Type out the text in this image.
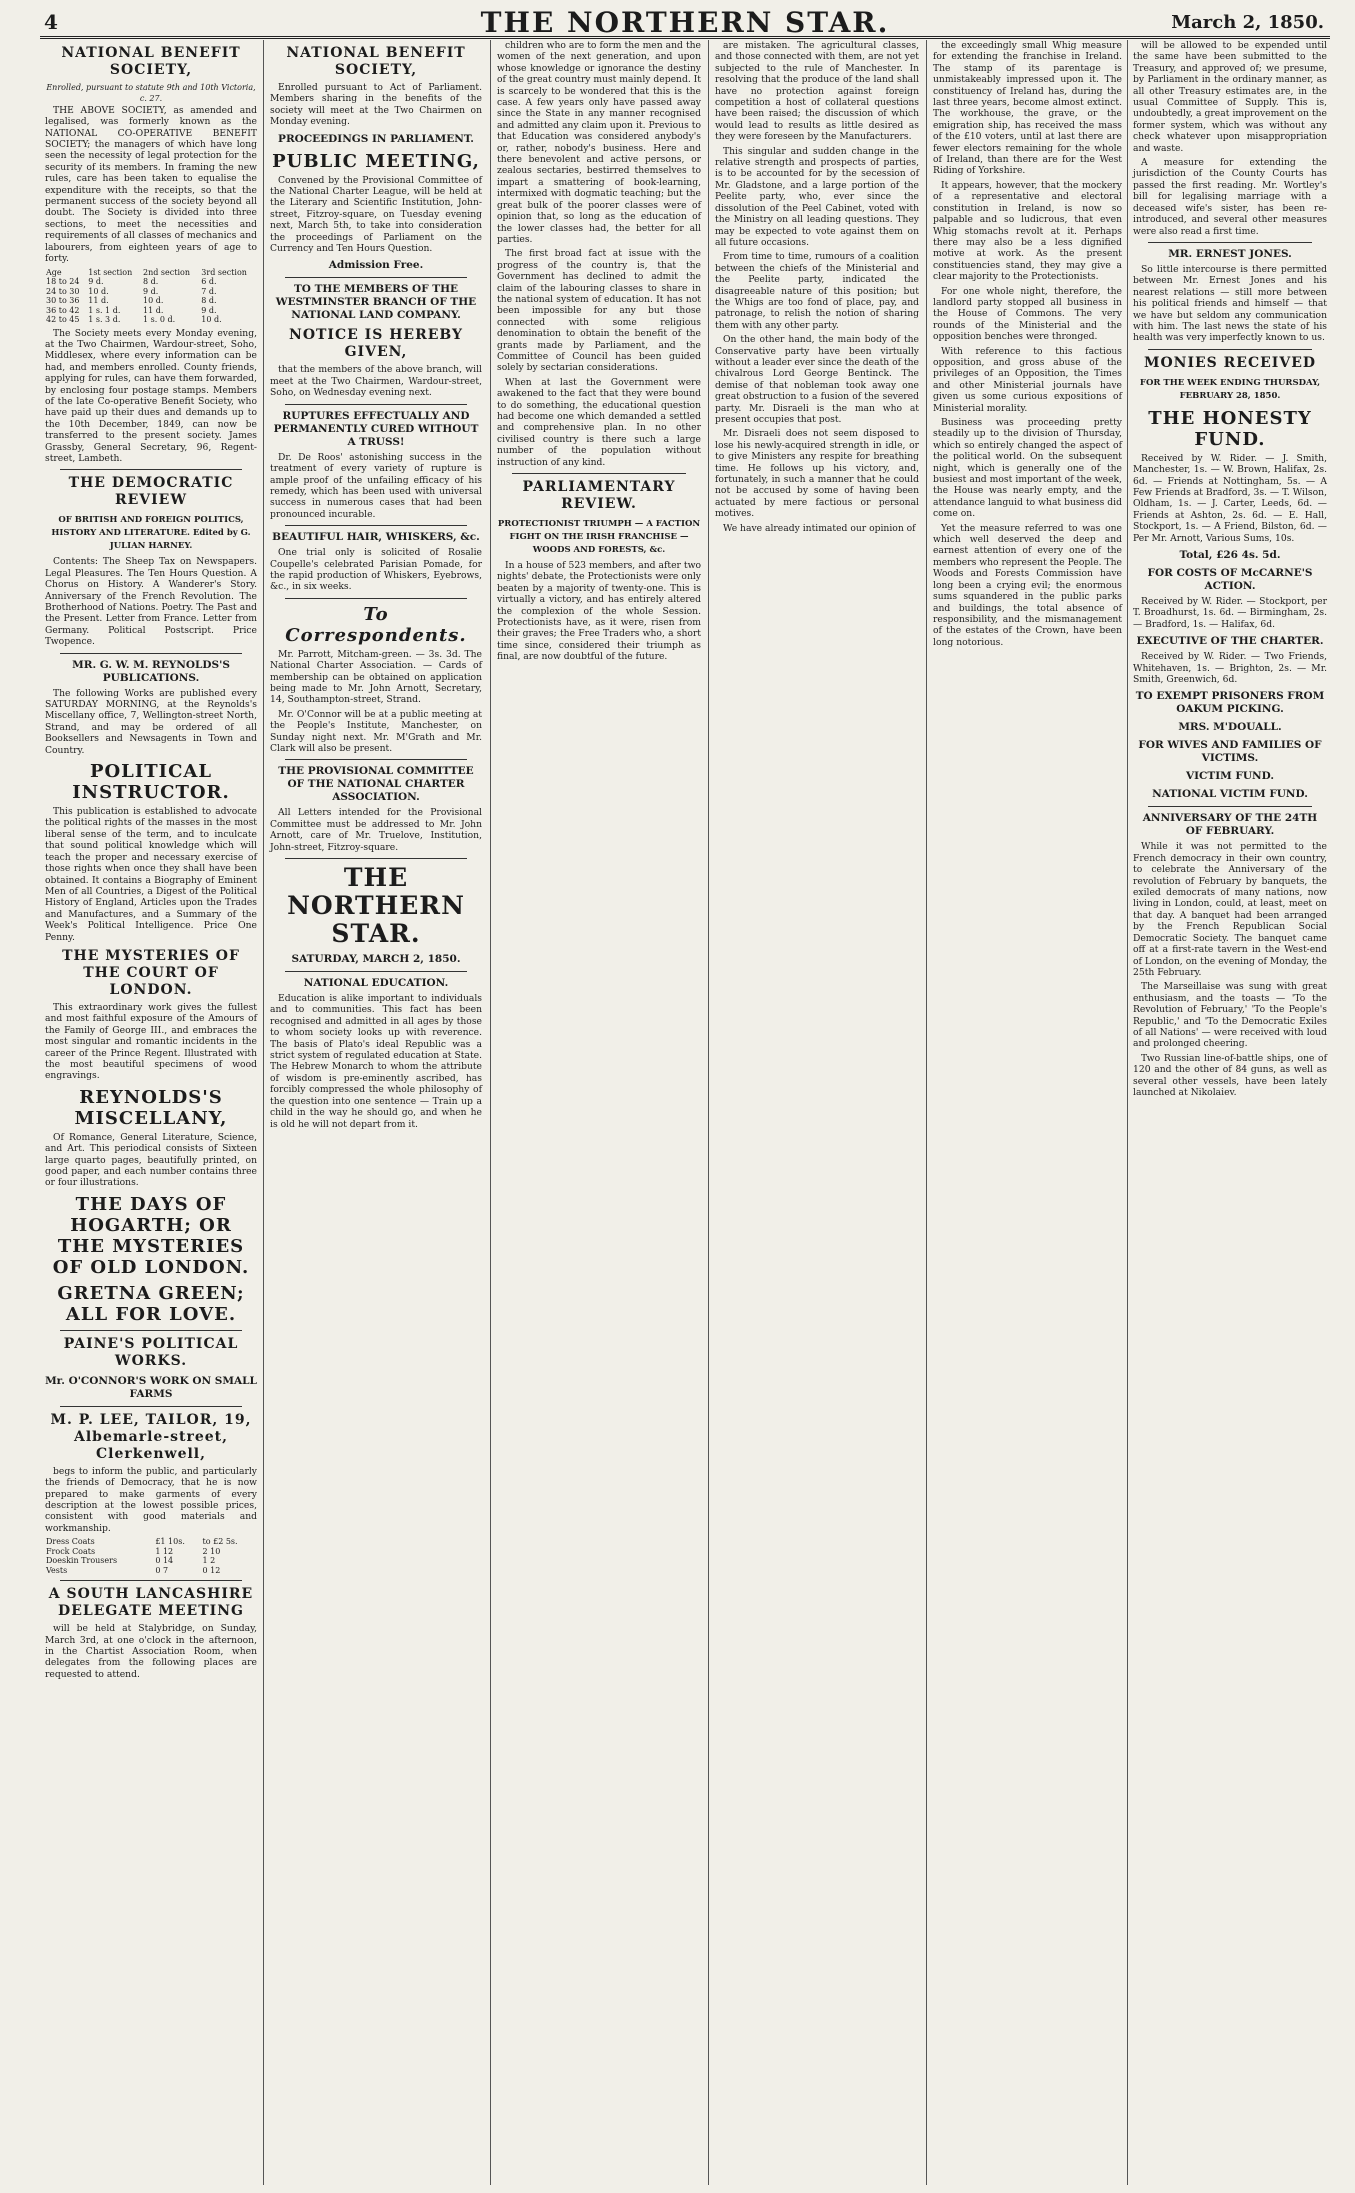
4	THE NORTHERN STAR.	March 2, 1850.
NATIONAL BENEFIT SOCIETY,
Enrolled, pursuant to statute 9th and 10th Victoria, c. 27.

THE ABOVE SOCIETY, as amended and legalised, was formerly known as the NATIONAL CO-OPERATIVE BENEFIT SOCIETY; the managers of which have long seen the necessity of legal protection for the security of its members. In framing the new rules, care has been taken to equalise the expenditure with the receipts, so that the permanent success of the society beyond all doubt. The Society is divided into three sections, to meet the necessities and requirements of all classes of mechanics and labourers, from eighteen years of age to forty.

Age	1st section	2nd section	3rd section
18 to 24	9 d.	8 d.	6 d.
24 to 30	10 d.	9 d.	7 d.
30 to 36	11 d.	10 d.	8 d.
36 to 42	1 s. 1 d.	11 d.	9 d.
42 to 45	1 s. 3 d.	1 s. 0 d.	10 d.

The Society meets every Monday evening, at the Two Chairmen, Wardour-street, Soho, Middlesex, where every information can be had, and members enrolled. County friends, applying for rules, can have them forwarded, by enclosing four postage stamps. Members of the late Co-operative Benefit Society, who have paid up their dues and demands up to the 10th December, 1849, can now be transferred to the present society. James Grassby, General Secretary, 96, Regent-street, Lambeth.

THE DEMOCRATIC REVIEW
OF BRITISH AND FOREIGN POLITICS, HISTORY AND LITERATURE. Edited by G. JULIAN HARNEY.

Contents: The Sheep Tax on Newspapers. Legal Pleasures. The Ten Hours Question. A Chorus on History. A Wanderer's Story. Anniversary of the French Revolution. The Brotherhood of Nations. Poetry. The Past and the Present. Letter from France. Letter from Germany. Political Postscript. Price Twopence.

MR. G. W. M. REYNOLDS'S PUBLICATIONS.

The following Works are published every SATURDAY MORNING, at the Reynolds's Miscellany office, 7, Wellington-street North, Strand, and may be ordered of all Booksellers and Newsagents in Town and Country.

POLITICAL INSTRUCTOR.

This publication is established to advocate the political rights of the masses in the most liberal sense of the term, and to inculcate that sound political knowledge which will teach the proper and necessary exercise of those rights when once they shall have been obtained. It contains a Biography of Eminent Men of all Countries, a Digest of the Political History of England, Articles upon the Trades and Manufactures, and a Summary of the Week's Political Intelligence. Price One Penny.

THE MYSTERIES OF THE COURT OF LONDON.

This extraordinary work gives the fullest and most faithful exposure of the Amours of the Family of George III., and embraces the most singular and romantic incidents in the career of the Prince Regent. Illustrated with the most beautiful specimens of wood engravings.

REYNOLDS'S MISCELLANY,

Of Romance, General Literature, Science, and Art. This periodical consists of Sixteen large quarto pages, beautifully printed, on good paper, and each number contains three or four illustrations.

THE DAYS OF HOGARTH; OR THE MYSTERIES OF OLD LONDON.
GRETNA GREEN; ALL FOR LOVE.
PAINE'S POLITICAL WORKS.
Mr. O'CONNOR'S WORK ON SMALL FARMS
M. P. LEE, TAILOR, 19, Albemarle-street, Clerkenwell,

begs to inform the public, and particularly the friends of Democracy, that he is now prepared to make garments of every description at the lowest possible prices, consistent with good materials and workmanship.

Dress Coats	£1 10s.	to £2 5s.
Frock Coats	1 12	2 10
Doeskin Trousers	0 14	1 2
Vests	0 7	0 12
A SOUTH LANCASHIRE DELEGATE MEETING

will be held at Stalybridge, on Sunday, March 3rd, at one o'clock in the afternoon, in the Chartist Association Room, when delegates from the following places are requested to attend.

NATIONAL BENEFIT SOCIETY,

Enrolled pursuant to Act of Parliament. Members sharing in the benefits of the society will meet at the Two Chairmen on Monday evening.

PROCEEDINGS IN PARLIAMENT.
PUBLIC MEETING,

Convened by the Provisional Committee of the National Charter League, will be held at the Literary and Scientific Institution, John-street, Fitzroy-square, on Tuesday evening next, March 5th, to take into consideration the proceedings of Parliament on the Currency and Ten Hours Question.

Admission Free.
TO THE MEMBERS OF THE WESTMINSTER BRANCH OF THE NATIONAL LAND COMPANY.
NOTICE IS HEREBY GIVEN,

that the members of the above branch, will meet at the Two Chairmen, Wardour-street, Soho, on Wednesday evening next.

RUPTURES EFFECTUALLY AND PERMANENTLY CURED WITHOUT A TRUSS!

Dr. De Roos' astonishing success in the treatment of every variety of rupture is ample proof of the unfailing efficacy of his remedy, which has been used with universal success in numerous cases that had been pronounced incurable.

BEAUTIFUL HAIR, WHISKERS, &c.

One trial only is solicited of Rosalie Coupelle's celebrated Parisian Pomade, for the rapid production of Whiskers, Eyebrows, &c., in six weeks.

To Correspondents.

Mr. Parrott, Mitcham-green. — 3s. 3d. The National Charter Association. — Cards of membership can be obtained on application being made to Mr. John Arnott, Secretary, 14, Southampton-street, Strand.

Mr. O'Connor will be at a public meeting at the People's Institute, Manchester, on Sunday night next. Mr. M'Grath and Mr. Clark will also be present.

THE PROVISIONAL COMMITTEE OF THE NATIONAL CHARTER ASSOCIATION.

All Letters intended for the Provisional Committee must be addressed to Mr. John Arnott, care of Mr. Truelove, Institution, John-street, Fitzroy-square.

THE NORTHERN STAR.
SATURDAY, MARCH 2, 1850.
NATIONAL EDUCATION.

Education is alike important to individuals and to communities. This fact has been recognised and admitted in all ages by those to whom society looks up with reverence. The basis of Plato's ideal Republic was a strict system of regulated education at State. The Hebrew Monarch to whom the attribute of wisdom is pre-eminently ascribed, has forcibly compressed the whole philosophy of the question into one sentence — Train up a child in the way he should go, and when he is old he will not depart from it.

children who are to form the men and the women of the next generation, and upon whose knowledge or ignorance the destiny of the great country must mainly depend. It is scarcely to be wondered that this is the case. A few years only have passed away since the State in any manner recognised and admitted any claim upon it. Previous to that Education was considered anybody's or, rather, nobody's business. Here and there benevolent and active persons, or zealous sectaries, bestirred themselves to impart a smattering of book-learning, intermixed with dogmatic teaching; but the great bulk of the poorer classes were of opinion that, so long as the education of the lower classes had, the better for all parties.

The first broad fact at issue with the progress of the country is, that the Government has declined to admit the claim of the labouring classes to share in the national system of education. It has not been impossible for any but those connected with some religious denomination to obtain the benefit of the grants made by Parliament, and the Committee of Council has been guided solely by sectarian considerations.

When at last the Government were awakened to the fact that they were bound to do something, the educational question had become one which demanded a settled and comprehensive plan. In no other civilised country is there such a large number of the population without instruction of any kind.

PARLIAMENTARY REVIEW.
PROTECTIONIST TRIUMPH — A FACTION FIGHT ON THE IRISH FRANCHISE — WOODS AND FORESTS, &c.

In a house of 523 members, and after two nights' debate, the Protectionists were only beaten by a majority of twenty-one. This is virtually a victory, and has entirely altered the complexion of the whole Session. Protectionists have, as it were, risen from their graves; the Free Traders who, a short time since, considered their triumph as final, are now doubtful of the future.

are mistaken. The agricultural classes, and those connected with them, are not yet subjected to the rule of Manchester. In resolving that the produce of the land shall have no protection against foreign competition a host of collateral questions have been raised; the discussion of which would lead to results as little desired as they were foreseen by the Manufacturers.

This singular and sudden change in the relative strength and prospects of parties, is to be accounted for by the secession of Mr. Gladstone, and a large portion of the Peelite party, who, ever since the dissolution of the Peel Cabinet, voted with the Ministry on all leading questions. They may be expected to vote against them on all future occasions.

From time to time, rumours of a coalition between the chiefs of the Ministerial and the Peelite party, indicated the disagreeable nature of this position; but the Whigs are too fond of place, pay, and patronage, to relish the notion of sharing them with any other party.

On the other hand, the main body of the Conservative party have been virtually without a leader ever since the death of the chivalrous Lord George Bentinck. The demise of that nobleman took away one great obstruction to a fusion of the severed party. Mr. Disraeli is the man who at present occupies that post.

Mr. Disraeli does not seem disposed to lose his newly-acquired strength in idle, or to give Ministers any respite for breathing time. He follows up his victory, and, fortunately, in such a manner that he could not be accused by some of having been actuated by mere factious or personal motives.

We have already intimated our opinion of

the exceedingly small Whig measure for extending the franchise in Ireland. The stamp of its parentage is unmistakeably impressed upon it. The constituency of Ireland has, during the last three years, become almost extinct. The workhouse, the grave, or the emigration ship, has received the mass of the £10 voters, until at last there are fewer electors remaining for the whole of Ireland, than there are for the West Riding of Yorkshire.

It appears, however, that the mockery of a representative and electoral constitution in Ireland, is now so palpable and so ludicrous, that even Whig stomachs revolt at it. Perhaps there may also be a less dignified motive at work. As the present constituencies stand, they may give a clear majority to the Protectionists.

For one whole night, therefore, the landlord party stopped all business in the House of Commons. The very rounds of the Ministerial and the opposition benches were thronged.

With reference to this factious opposition, and gross abuse of the privileges of an Opposition, the Times and other Ministerial journals have given us some curious expositions of Ministerial morality.

Business was proceeding pretty steadily up to the division of Thursday, which so entirely changed the aspect of the political world. On the subsequent night, which is generally one of the busiest and most important of the week, the House was nearly empty, and the attendance languid to what business did come on.

Yet the measure referred to was one which well deserved the deep and earnest attention of every one of the members who represent the People. The Woods and Forests Commission have long been a crying evil; the enormous sums squandered in the public parks and buildings, the total absence of responsibility, and the mismanagement of the estates of the Crown, have been long notorious.

will be allowed to be expended until the same have been submitted to the Treasury, and approved of; we presume, by Parliament in the ordinary manner, as all other Treasury estimates are, in the usual Committee of Supply. This is, undoubtedly, a great improvement on the former system, which was without any check whatever upon misappropriation and waste.

A measure for extending the jurisdiction of the County Courts has passed the first reading. Mr. Wortley's bill for legalising marriage with a deceased wife's sister, has been re-introduced, and several other measures were also read a first time.

MR. ERNEST JONES.

So little intercourse is there permitted between Mr. Ernest Jones and his nearest relations — still more between his political friends and himself — that we have but seldom any communication with him. The last news the state of his health was very imperfectly known to us.

MONIES RECEIVED
FOR THE WEEK ENDING THURSDAY, FEBRUARY 28, 1850.
THE HONESTY FUND.

Received by W. Rider. — J. Smith, Manchester, 1s. — W. Brown, Halifax, 2s. 6d. — Friends at Nottingham, 5s. — A Few Friends at Bradford, 3s. — T. Wilson, Oldham, 1s. — J. Carter, Leeds, 6d. — Friends at Ashton, 2s. 6d. — E. Hall, Stockport, 1s. — A Friend, Bilston, 6d. — Per Mr. Arnott, Various Sums, 10s.

Total, £26 4s. 5d.
FOR COSTS OF McCARNE'S ACTION.

Received by W. Rider. — Stockport, per T. Broadhurst, 1s. 6d. — Birmingham, 2s. — Bradford, 1s. — Halifax, 6d.

EXECUTIVE OF THE CHARTER.

Received by W. Rider. — Two Friends, Whitehaven, 1s. — Brighton, 2s. — Mr. Smith, Greenwich, 6d.

TO EXEMPT PRISONERS FROM OAKUM PICKING.
MRS. M'DOUALL.
FOR WIVES AND FAMILIES OF VICTIMS.
VICTIM FUND.
NATIONAL VICTIM FUND.
ANNIVERSARY OF THE 24TH OF FEBRUARY.

While it was not permitted to the French democracy in their own country, to celebrate the Anniversary of the revolution of February by banquets, the exiled democrats of many nations, now living in London, could, at least, meet on that day. A banquet had been arranged by the French Republican Social Democratic Society. The banquet came off at a first-rate tavern in the West-end of London, on the evening of Monday, the 25th February.

The Marseillaise was sung with great enthusiasm, and the toasts — 'To the Revolution of February,' 'To the People's Republic,' and 'To the Democratic Exiles of all Nations' — were received with loud and prolonged cheering.

Two Russian line-of-battle ships, one of 120 and the other of 84 guns, as well as several other vessels, have been lately launched at Nikolaiev.
